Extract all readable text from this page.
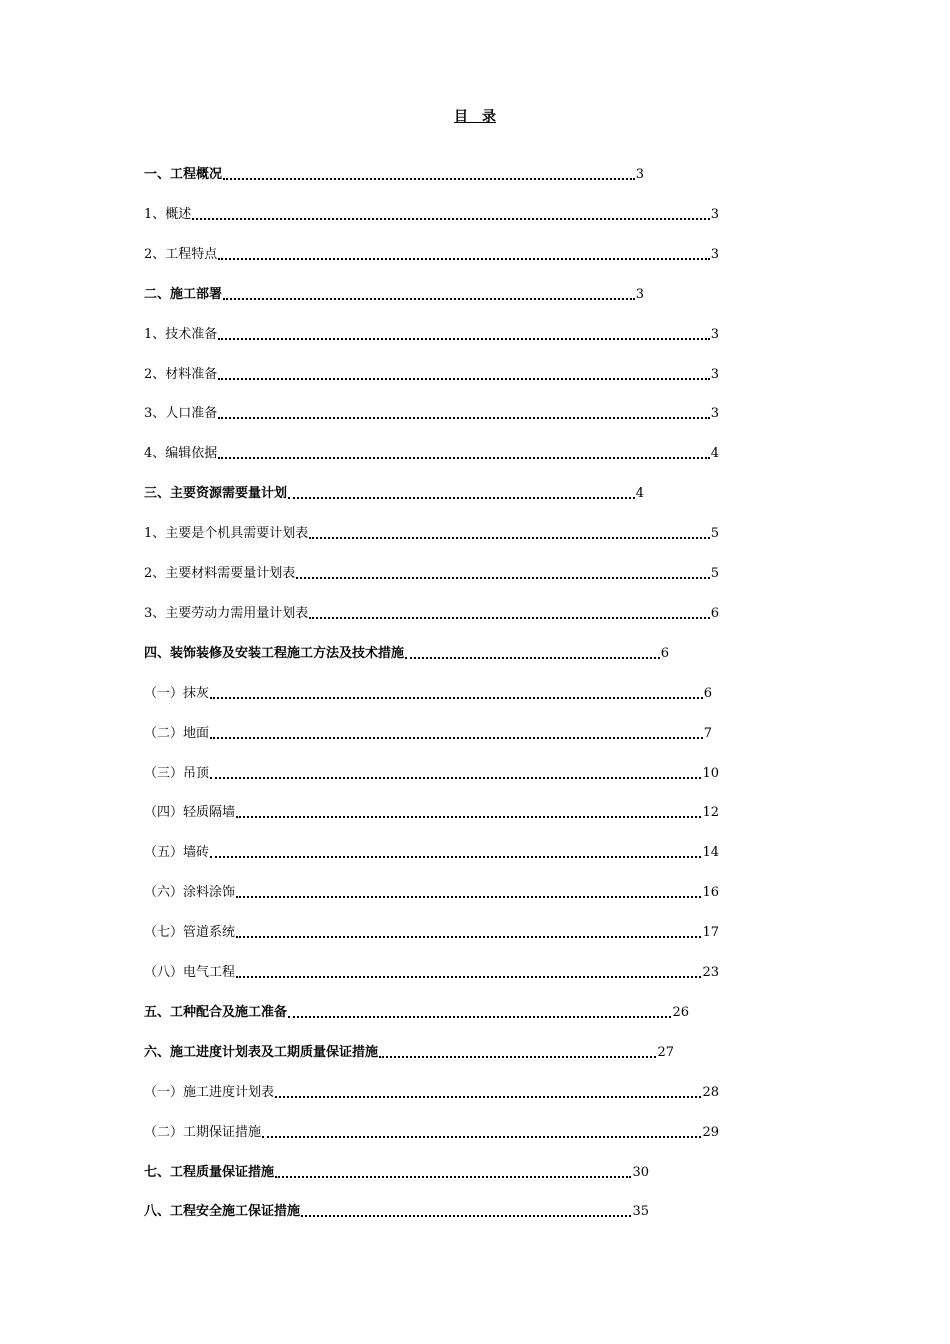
目　录
一、工程概况	3
1、概述	3
2、工程特点	3
二、施工部署	3
1、技术准备	3
2、材料准备	3
3、人口准备	3
4、编辑依据	4
三、主要资源需要量计划	4
1、主要是个机具需要计划表	5
2、主要材料需要量计划表	5
3、主要劳动力需用量计划表	6
四、装饰装修及安装工程施工方法及技术措施	6
（一）抹灰	6
（二）地面	7
（三）吊顶	10
（四）轻质隔墙	12
（五）墙砖	14
（六）涂料涂饰	16
（七）管道系统	17
（八）电气工程	23
五、工种配合及施工准备	26
六、施工进度计划表及工期质量保证措施	27
（一）施工进度计划表	28
（二）工期保证措施	29
七、工程质量保证措施	30
八、工程安全施工保证措施	35
